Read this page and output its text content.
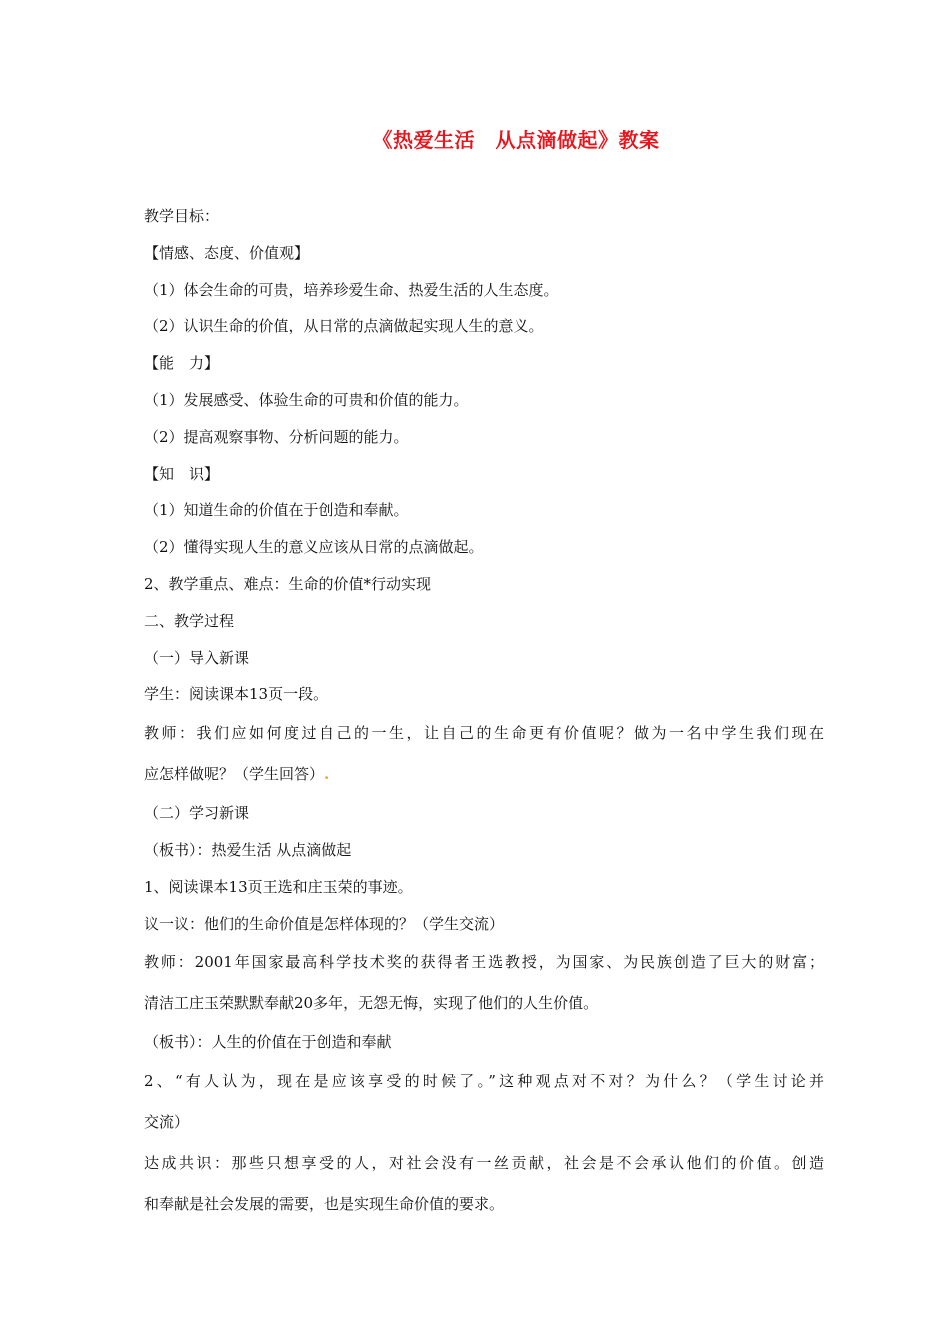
《热爱生活　从点滴做起》教案
教学目标：
【情感、态度、价值观】
（1）体会生命的可贵，培养珍爱生命、热爱生活的人生态度。
（2）认识生命的价值，从日常的点滴做起实现人生的意义。
【能　力】
（1）发展感受、体验生命的可贵和价值的能力。
（2）提高观察事物、分析问题的能力。
【知　识】
（1）知道生命的价值在于创造和奉献。
（2）懂得实现人生的意义应该从日常的点滴做起。
2、教学重点、难点：生命的价值*行动实现
二、教学过程
（一）导入新课
学生：阅读课本13页一段。
教师：我们应如何度过自己的一生，让自己的生命更有价值呢？做为一名中学生我们现在
应怎样做呢？（学生回答）.
（二）学习新课
（板书）：热爱生活 从点滴做起
1、阅读课本13页王选和庄玉荣的事迹。
议一议：他们的生命价值是怎样体现的？（学生交流）
教师：2001年国家最高科学技术奖的获得者王选教授，为国家、为民族创造了巨大的财富；
清洁工庄玉荣默默奉献20多年，无怨无悔，实现了他们的人生价值。
（板书）：人生的价值在于创造和奉献
2、“有人认为，现在是应该享受的时候了。”这种观点对不对？为什么？（学生讨论并
交流）
达成共识：那些只想享受的人，对社会没有一丝贡献，社会是不会承认他们的价值。创造
和奉献是社会发展的需要，也是实现生命价值的要求。
